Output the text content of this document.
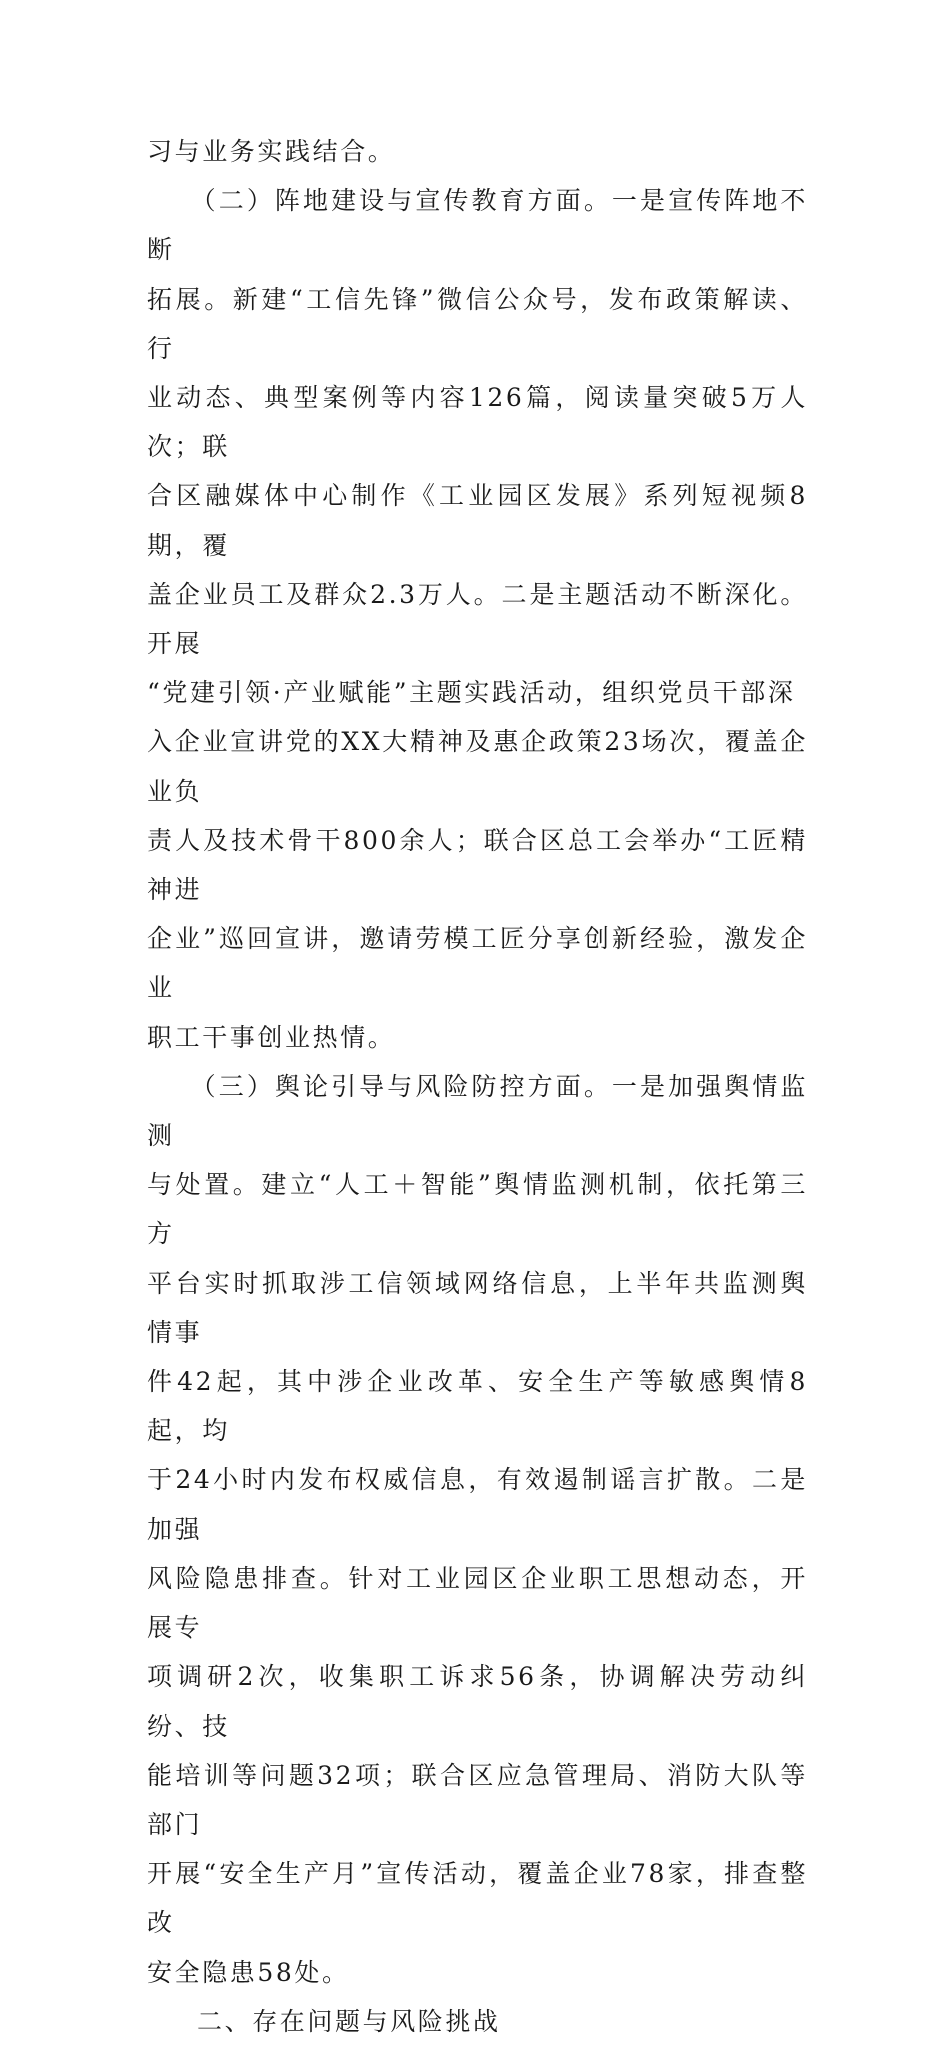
习与业务实践结合。
　　（二）阵地建设与宣传教育方面。一是宣传阵地不断
拓展。新建“工信先锋”微信公众号，发布政策解读、行
业动态、典型案例等内容126篇，阅读量突破5万人次；联
合区融媒体中心制作《工业园区发展》系列短视频8期，覆
盖企业员工及群众2.3万人。二是主题活动不断深化。开展
“党建引领·产业赋能”主题实践活动，组织党员干部深
入企业宣讲党的XX大精神及惠企政策23场次，覆盖企业负
责人及技术骨干800余人；联合区总工会举办“工匠精神进
企业”巡回宣讲，邀请劳模工匠分享创新经验，激发企业
职工干事创业热情。
　　（三）舆论引导与风险防控方面。一是加强舆情监测
与处置。建立“人工＋智能”舆情监测机制，依托第三方
平台实时抓取涉工信领域网络信息，上半年共监测舆情事
件42起，其中涉企业改革、安全生产等敏感舆情8起，均
于24小时内发布权威信息，有效遏制谣言扩散。二是加强
风险隐患排查。针对工业园区企业职工思想动态，开展专
项调研2次，收集职工诉求56条，协调解决劳动纠纷、技
能培训等问题32项；联合区应急管理局、消防大队等部门
开展“安全生产月”宣传活动，覆盖企业78家，排查整改
安全隐患58处。
二、存在问题与风险挑战
